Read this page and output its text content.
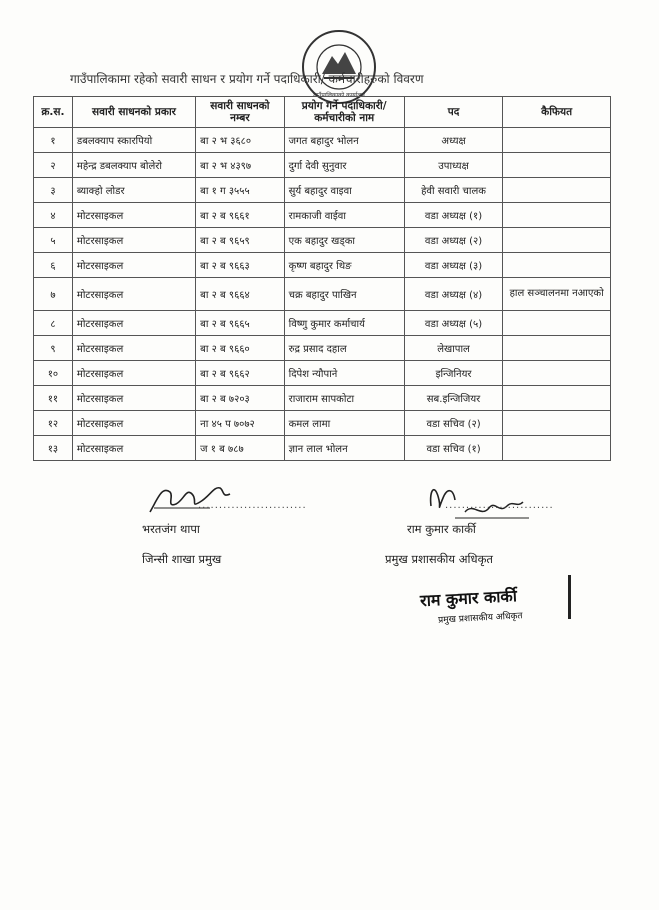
गाउँपालिकाको कार्यालय
गाउँपालिकामा रहेको सवारी साधन र प्रयोग गर्ने पदाधिकारी/ कर्मचारीहरुको विवरण
क्र.स.	सवारी साधनको प्रकार	सवारी साधनको नम्बर	प्रयोग गर्ने पदाधिकारी/ कर्मचारीको नाम	पद	कैफियत
१	डबलक्याप स्कारपियो	बा २ भ ३६८०	जगत बहादुर भोलन	अध्यक्ष	
२	महेन्द्र डबलक्याप बोलेरो	बा २ भ ४३९७	दुर्गा देवी सुनुवार	उपाध्यक्ष	
३	ब्याक्हो लोडर	बा १ ग ३५५५	सुर्य बहादुर वाइवा	हेवी सवारी चालक	
४	मोटरसाइकल	बा २ ब ९६६१	रामकाजी वाईवा	वडा अध्यक्ष (१)	
५	मोटरसाइकल	बा २ ब ९६५९	एक बहादुर खड्का	वडा अध्यक्ष (२)	
६	मोटरसाइकल	बा २ ब ९६६३	कृष्ण बहादुर थिङ	वडा अध्यक्ष (३)	
७	मोटरसाइकल	बा २ ब ९६६४	चक्र बहादुर पाखिन	वडा अध्यक्ष (४)	हाल सञ्चालनमा नआएको
८	मोटरसाइकल	बा २ ब ९६६५	विष्णु कुमार कर्माचार्य	वडा अध्यक्ष (५)	
९	मोटरसाइकल	बा २ ब ९६६०	रुद्र प्रसाद दहाल	लेखापाल	
१०	मोटरसाइकल	बा २ ब ९६६२	दिपेश न्यौपाने	इन्जिनियर	
११	मोटरसाइकल	बा २ ब ७२०३	राजाराम सापकोटा	सब.इन्जिजियर	
१२	मोटरसाइकल	ना ४५ प ७०७२	कमल लामा	वडा सचिव (२)	
१३	मोटरसाइकल	ज १ ब ७८७	ज्ञान लाल भोलन	वडा सचिव (१)	
..........................
भरतजंग थापा
जिन्सी शाखा प्रमुख
..........................
राम कुमार कार्की
प्रमुख प्रशासकीय अधिकृत
राम कुमार कार्की
प्रमुख प्रशासकीय अधिकृत
